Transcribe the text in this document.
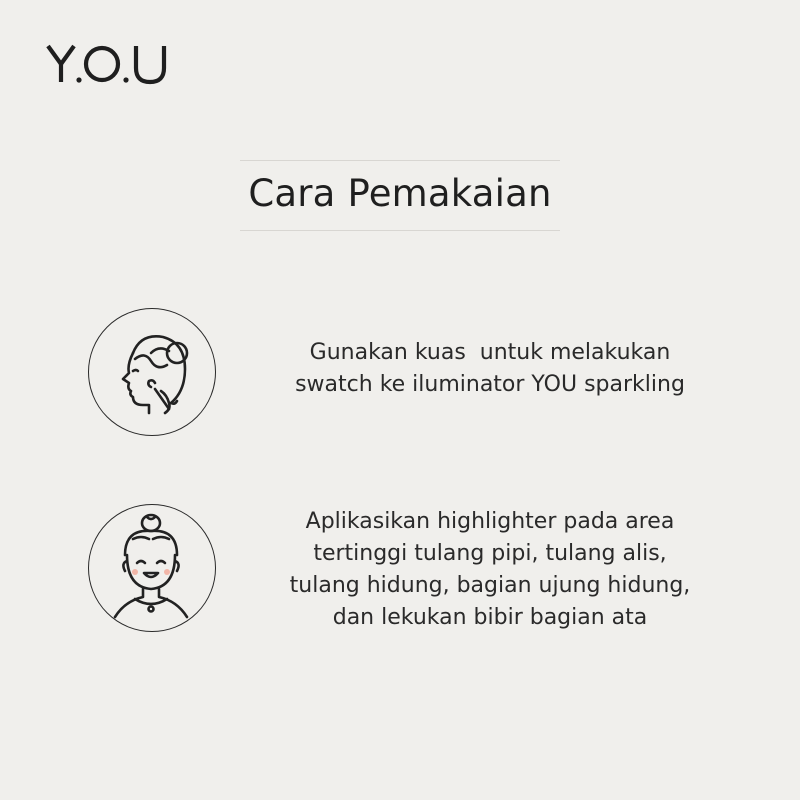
Cara Pemakaian
Gunakan kuas  untuk melakukan
swatch ke iluminator YOU sparkling
Aplikasikan highlighter pada area
tertinggi tulang pipi, tulang alis,
tulang hidung, bagian ujung hidung,
dan lekukan bibir bagian ata
